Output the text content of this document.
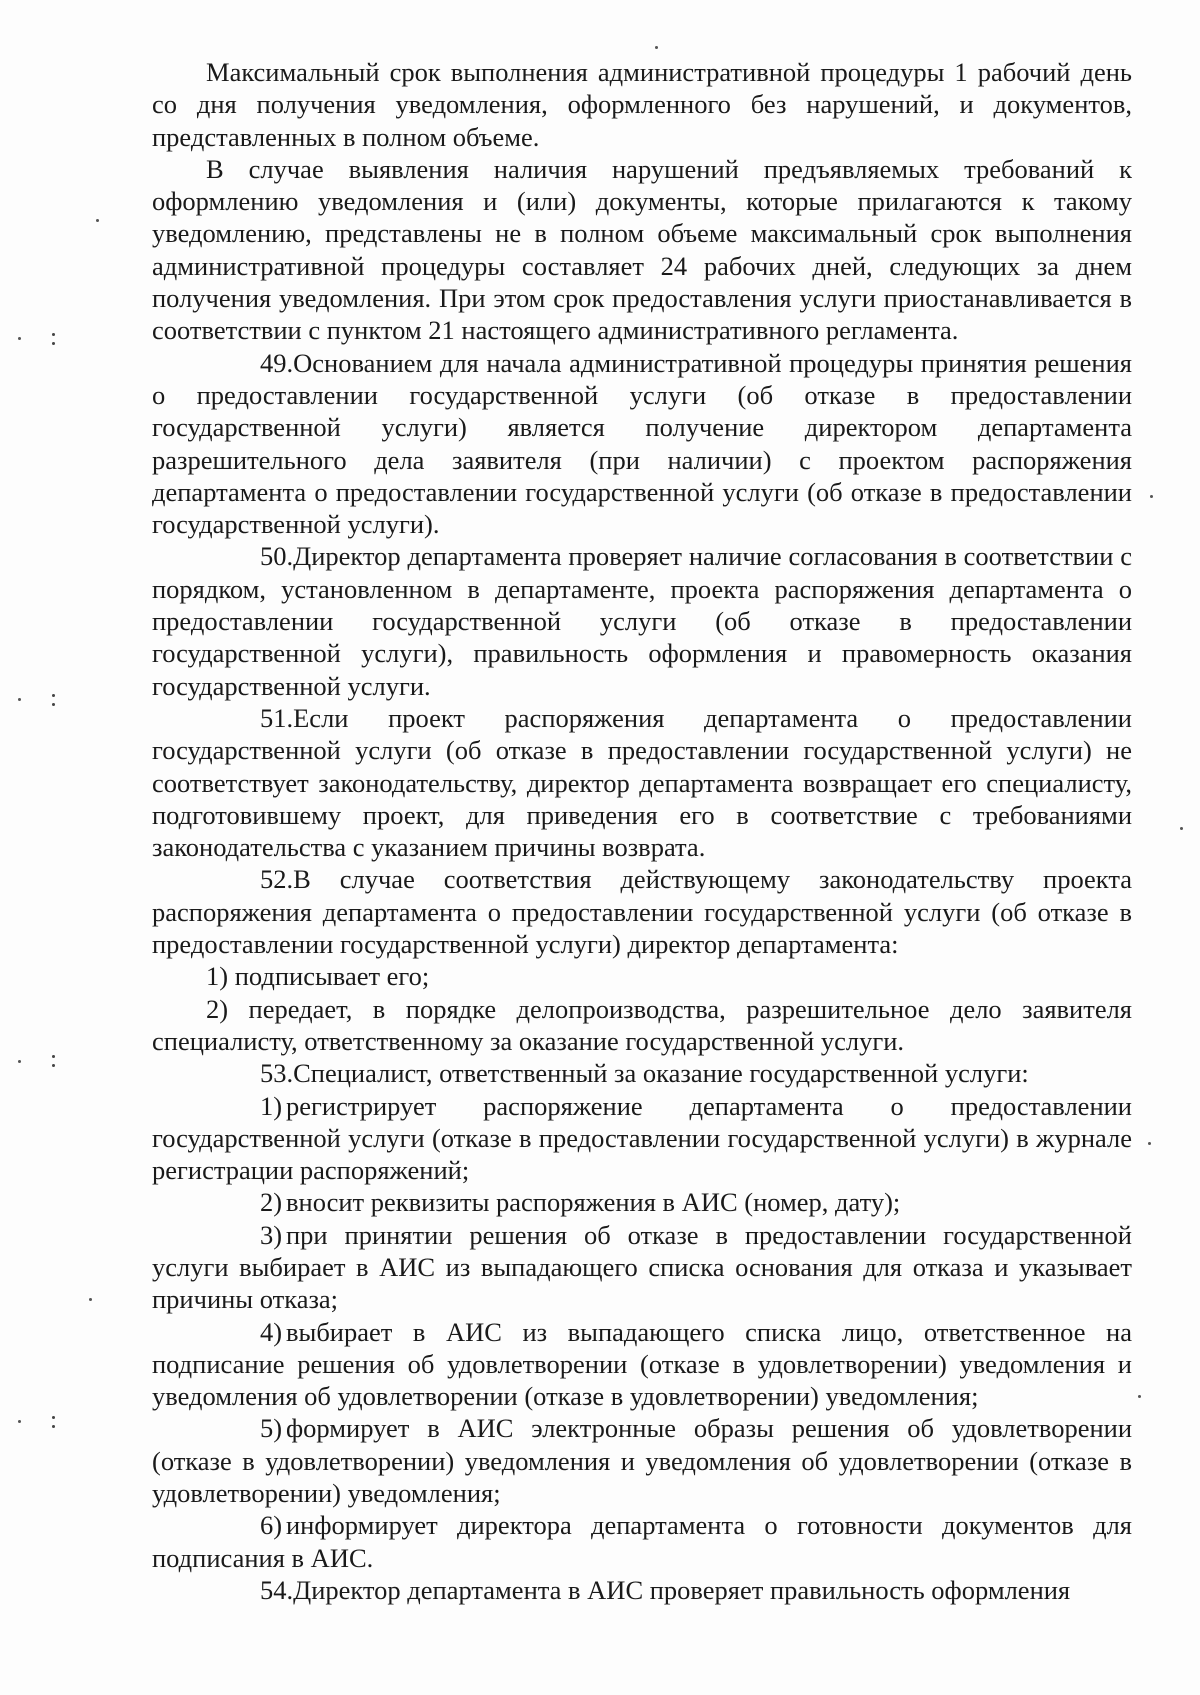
Максимальный срок выполнения административной процедуры 1 рабочий день со дня получения уведомления, оформленного без нарушений, и документов, представленных в полном объеме.

В случае выявления наличия нарушений предъявляемых требований к оформлению уведомления и (или) документы, которые прилагаются к такому уведомлению, представлены не в полном объеме максимальный срок выполнения административной процедуры составляет 24 рабочих дней, следующих за днем получения уведомления. При этом срок предоставления услуги приостанавливается в соответствии с пунктом 21 настоящего административного регламента.

49.Основанием для начала административной процедуры принятия решения о предоставлении государственной услуги (об отказе в предоставлении государственной услуги) является получение директором департамента разрешительного дела заявителя (при наличии) с проектом распоряжения департамента о предоставлении государственной услуги (об отказе в предоставлении государственной услуги).

50.Директор департамента проверяет наличие согласования в соответствии с порядком, установленном в департаменте, проекта распоряжения департамента о предоставлении государственной услуги (об отказе в предоставлении государственной услуги), правильность оформления и правомерность оказания государственной услуги.

51.Если проект распоряжения департамента о предоставлении государственной услуги (об отказе в предоставлении государственной услуги) не соответствует законодательству, директор департамента возвращает его специалисту, подготовившему проект, для приведения его в соответствие с требованиями законодательства с указанием причины возврата.

52.В случае соответствия действующему законодательству проекта распоряжения департамента о предоставлении государственной услуги (об отказе в предоставлении государственной услуги) директор департамента:

1) подписывает его;

2) передает, в порядке делопроизводства, разрешительное дело заявителя специалисту, ответственному за оказание государственной услуги.

53.Специалист, ответственный за оказание государственной услуги:

1) регистрирует распоряжение департамента о предоставлении государственной услуги (отказе в предоставлении государственной услуги) в журнале регистрации распоряжений;

2) вносит реквизиты распоряжения в АИС (номер, дату);

3) при принятии решения об отказе в предоставлении государственной услуги выбирает в АИС из выпадающего списка основания для отказа и указывает причины отказа;

4) выбирает в АИС из выпадающего списка лицо, ответственное на подписание решения об удовлетворении (отказе в удовлетворении) уведомления и уведомления об удовлетворении (отказе в удовлетворении) уведомления;

5) формирует в АИС электронные образы решения об удовлетворении (отказе в удовлетворении) уведомления и уведомления об удовлетворении (отказе в удовлетворении) уведомления;

6) информирует директора департамента о готовности документов для подписания в АИС.

54.Директор департамента в АИС проверяет правильность оформления
